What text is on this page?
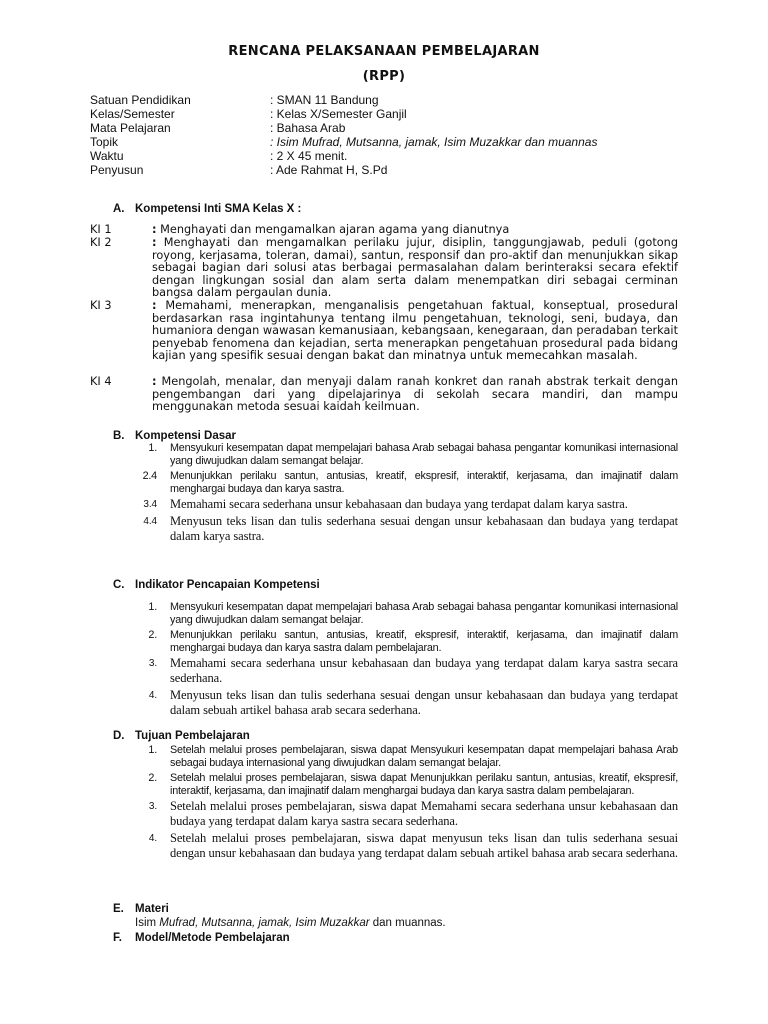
RENCANA PELAKSANAAN PEMBELAJARAN
(RPP)
Satuan Pendidikan	: SMAN 11 Bandung
Kelas/Semester	: Kelas X/Semester Ganjil
Mata Pelajaran	: Bahasa Arab
Topik	: Isim Mufrad, Mutsanna, jamak, Isim Muzakkar dan muannas
Waktu	: 2 X 45 menit.
Penyusun	: Ade Rahmat H, S.Pd
A. Kompetensi Inti SMA Kelas X :
KI 1	: Menghayati dan mengamalkan ajaran agama yang dianutnya
KI 2	: Menghayati dan mengamalkan perilaku jujur, disiplin, tanggungjawab, peduli (gotong royong, kerjasama, toleran, damai), santun, responsif dan pro-aktif dan menunjukkan sikap sebagai bagian dari solusi atas berbagai permasalahan dalam berinteraksi secara efektif dengan lingkungan sosial dan alam serta dalam menempatkan diri sebagai cerminan bangsa dalam pergaulan dunia.
KI 3	: Memahami, menerapkan, menganalisis pengetahuan faktual, konseptual, prosedural berdasarkan rasa ingintahunya tentang ilmu pengetahuan, teknologi, seni, budaya, dan humaniora dengan wawasan kemanusiaan, kebangsaan, kenegaraan, dan peradaban terkait penyebab fenomena dan kejadian, serta menerapkan pengetahuan prosedural pada bidang kajian yang spesifik sesuai dengan bakat dan minatnya untuk memecahkan masalah.
KI 4	: Mengolah, menalar, dan menyaji dalam ranah konkret dan ranah abstrak terkait dengan pengembangan dari yang dipelajarinya di sekolah secara mandiri, dan mampu menggunakan metoda sesuai kaidah keilmuan.
B. Kompetensi Dasar
1. Mensyukuri kesempatan dapat mempelajari bahasa Arab sebagai bahasa pengantar komunikasi internasional yang diwujudkan dalam semangat belajar.
2.4 Menunjukkan perilaku santun, antusias, kreatif, ekspresif, interaktif, kerjasama, dan imajinatif dalam menghargai budaya dan karya sastra.
3.4 Memahami secara sederhana unsur kebahasaan dan budaya yang terdapat dalam karya sastra.
4.4 Menyusun teks lisan dan tulis sederhana sesuai dengan unsur kebahasaan dan budaya yang terdapat dalam karya sastra.
C. Indikator Pencapaian Kompetensi
1. Mensyukuri kesempatan dapat mempelajari bahasa Arab sebagai bahasa pengantar komunikasi internasional yang diwujudkan dalam semangat belajar.
2. Menunjukkan perilaku santun, antusias, kreatif, ekspresif, interaktif, kerjasama, dan imajinatif dalam menghargai budaya dan karya sastra dalam pembelajaran.
3. Memahami secara sederhana unsur kebahasaan dan budaya yang terdapat dalam karya sastra secara sederhana.
4. Menyusun teks lisan dan tulis sederhana sesuai dengan unsur kebahasaan dan budaya yang terdapat dalam sebuah artikel bahasa arab secara sederhana.
D. Tujuan Pembelajaran
1. Setelah melalui proses pembelajaran, siswa dapat Mensyukuri kesempatan dapat mempelajari bahasa Arab sebagai budaya internasional yang diwujudkan dalam semangat belajar.
2. Setelah melalui proses pembelajaran, siswa dapat Menunjukkan perilaku santun, antusias, kreatif, ekspresif, interaktif, kerjasama, dan imajinatif dalam menghargai budaya dan karya sastra dalam pembelajaran.
3. Setelah melalui proses pembelajaran, siswa dapat Memahami secara sederhana unsur kebahasaan dan budaya yang terdapat dalam karya sastra secara sederhana.
4. Setelah melalui proses pembelajaran, siswa dapat menyusun teks lisan dan tulis sederhana sesuai dengan unsur kebahasaan dan budaya yang terdapat dalam sebuah artikel bahasa arab secara sederhana.
E. Materi
Isim Mufrad, Mutsanna, jamak, Isim Muzakkar dan muannas.
F. Model/Metode Pembelajaran
